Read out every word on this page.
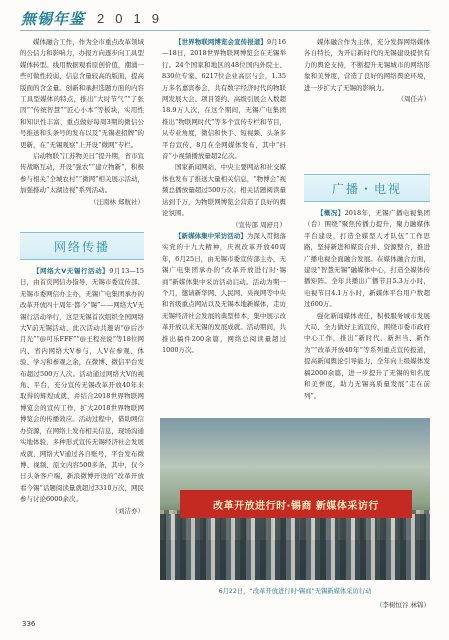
無锡年鉴 2019

媒体融合工作，作为全市重点改革领域的公信力和影响力，办报方向逐步向工具型媒体转型。线用数据观看原创价值，潮涌一些可做性较弱、信息含量较高的版面，提高版面的含金量。创新和承担选题方面的内容工具型媒体的特点，推出“大时节气”“了张因”“传统智慧”“匠心小本”等板块，实用性和知识性丰富，重点做好每周3期的微信公号推送和头条号的发布以及“无锡老招牌”的更新，在“无锡观察”上开设“微网”专栏。

启动物联“江苏物美日”提升期，省市宣传战略互动，开设“强农”“建立物新”，积极参与相关“全城农村”“微网”相关展示活动，加强推动“太湖边视”系列活动。

（汪南林 郑航社）

网络传播

【网络大V无锡行活动】9月13—15日，由首页网信办指导，无锡市委宣传部、无锡市委网信办主办，无锡广电集团承办的改革开放四十周年·都今“锡”——网络大V无锡行活动举行，这是无锡首次组织全国网络大V前无锡活动，此次活动共邀请“@后沙月光”“@可乐FFF”“@王程亮说”等18位网内、省内网络大V参与，人V在参观、体验、学习和参观之余，在微博、微信平台发布超过500万人次。活动通过网络大V的视角、平台，充分宣传无锡改革开放40年来取得的辉煌成就，并结合2018世界物联网博览会的宣传工作，扩大2018世界物联网博览会的传播效应。活动过程中，借助网信办资源，在网络上发布相关信息，现场沟通实地体验，多种形式宣传无锡经济社会发展成就，网络大V通过各自账号，平台发布微博、视频、原文内容500多条，其中，仅今日头条客户端，新浪微博开设的“改革开放看今锡”话题阅读量就超过3310万次，网民参与讨论6000余次。

（刘洁亦）

【世界物联网博览会宣传报道】9月16—18日，2018世界物联网博览会在无锡举行。24个国家和地区的48位国内外院士、830位专家、6217位企业高层与会，1.35万多名嘉宾参会，共有数字经济时代的物联网发展大会、项目签约、高级引展会入数超18.9万人次，在这个期间，无锡广电集团推出“物联网时代”等多个宣传专栏和节目，从专业角度，微信和快手、短视频、头条多平台宣传，8月在全网媒体发布，其中“抖音”小视频播放量超2亿次。

国家新闻网站、中央主要网站和社交媒体也发布了推送大量相关信息，“物博会”视频总播放量超过500万次；相关话题阅读量达到千万，为物联网博览会营造了良好的舆论氛围。

（宣传部 周舒月）

【新媒体集中采访活动】为深入贯彻落实党的十九大精神，庆祝改革开放40周年，6月25日，由无锡市委宣传部主办，无锡广电集团承办的“改革开放进行时·锡商”新媒体集中采访活动启动。活动为期一个月，邀请新华网、人民网、央视网等中央和省级重点网站以及无锡本地新媒体，走访无锡经济社会发展的典型样本，集中展示改革开放以来无锡的发展成就。活动期间，共推出稿件200余篇，网络总阅读量超过1000万次。

媒体融合作为主体，充分发挥网络媒体各自特长，为开启新时代的无锡建设提供有力的舆论支持，不断提升无锡城市的网络形象和美誉度，营造了良好的网络舆论环境，进一步扩大了无锡的影响力。

（周任卉）

广播・电视

【概况】2018年，无锡广播电视集团（台）围绕“聚焦传播力提升，聚力融媒体平台建设，打造全媒型人才队伍”工作思路，坚持新进和媒资合并、资源整合，推进广播电视全面融合发展。在媒体融合方面，建设“智慧无锡”融媒体中心，打造全媒体传播矩阵。全年共播出广播节目5.3万小时，电视节目4.1万小时，新媒体平台用户数超过600万。

强化新闻媒体责任，积极服务城市发展大局，全力做好主流宣传，围绕市委市政府中心工作，推出“新时代、新担当、新作为”“改革开放40年”等系列重点宣传报道，提高新闻舆论引导能力，全年向上级媒体发稿2000余篇，进一步提升了无锡的知名度和美誉度，助力无锡高质量发展“走在前列”。

改革开放进行时·锡商 新媒体采访行
6月22日，“改革开放进行时·锡商”无锡新媒体采访行动
（李树恒谷 林锦）
336
